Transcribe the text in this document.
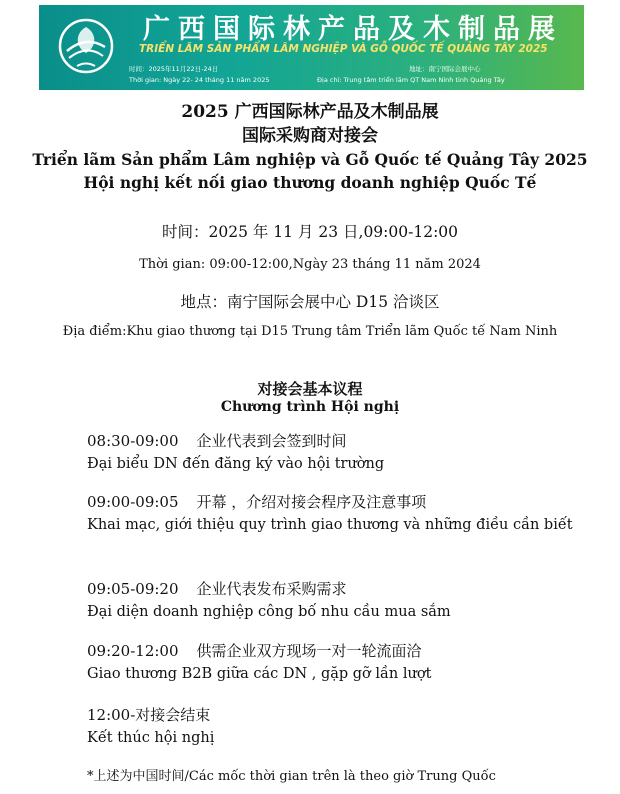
广西国际林产品及木制品展
TRIỂN LÃM SẢN PHẨM LÂM NGHIỆP VÀ GỖ QUỐC TẾ QUẢNG TÂY 2025
时间：2025年11月22日-24日
Thời gian: Ngày 22- 24 tháng 11 năm 2025
地址：南宁国际会展中心
Địa chỉ: Trung tâm triển lãm QT Nam Ninh tỉnh Quảng Tây
2025 广西国际林产品及木制品展
国际采购商对接会
Triển lãm Sản phẩm Lâm nghiệp và Gỗ Quốc tế Quảng Tây 2025
Hội nghị kết nối giao thương doanh nghiệp Quốc Tế
时间：2025 年 11 月 23 日,09:00-12:00
Thời gian: 09:00-12:00,Ngày 23 tháng 11 năm 2024
地点：南宁国际会展中心 D15 洽谈区
Địa điểm:Khu giao thương tại D15 Trung tâm Triển lãm Quốc tế Nam Ninh
对接会基本议程
Chương trình Hội nghị
08:30-09:00 企业代表到会签到时间
Đại biểu DN đến đăng ký vào hội trường
09:00-09:05 开幕 ，介绍对接会程序及注意事项
Khai mạc, giới thiệu quy trình giao thương và những điều cần biết
09:05-09:20 企业代表发布采购需求
Đại diện doanh nghiệp công bố nhu cầu mua sắm
09:20-12:00 供需企业双方现场一对一轮流面洽
Giao thương B2B giữa các DN , gặp gỡ lần lượt
12:00-对接会结束
Kết thúc hội nghị
*上述为中国时间/Các mốc thời gian trên là theo giờ Trung Quốc
